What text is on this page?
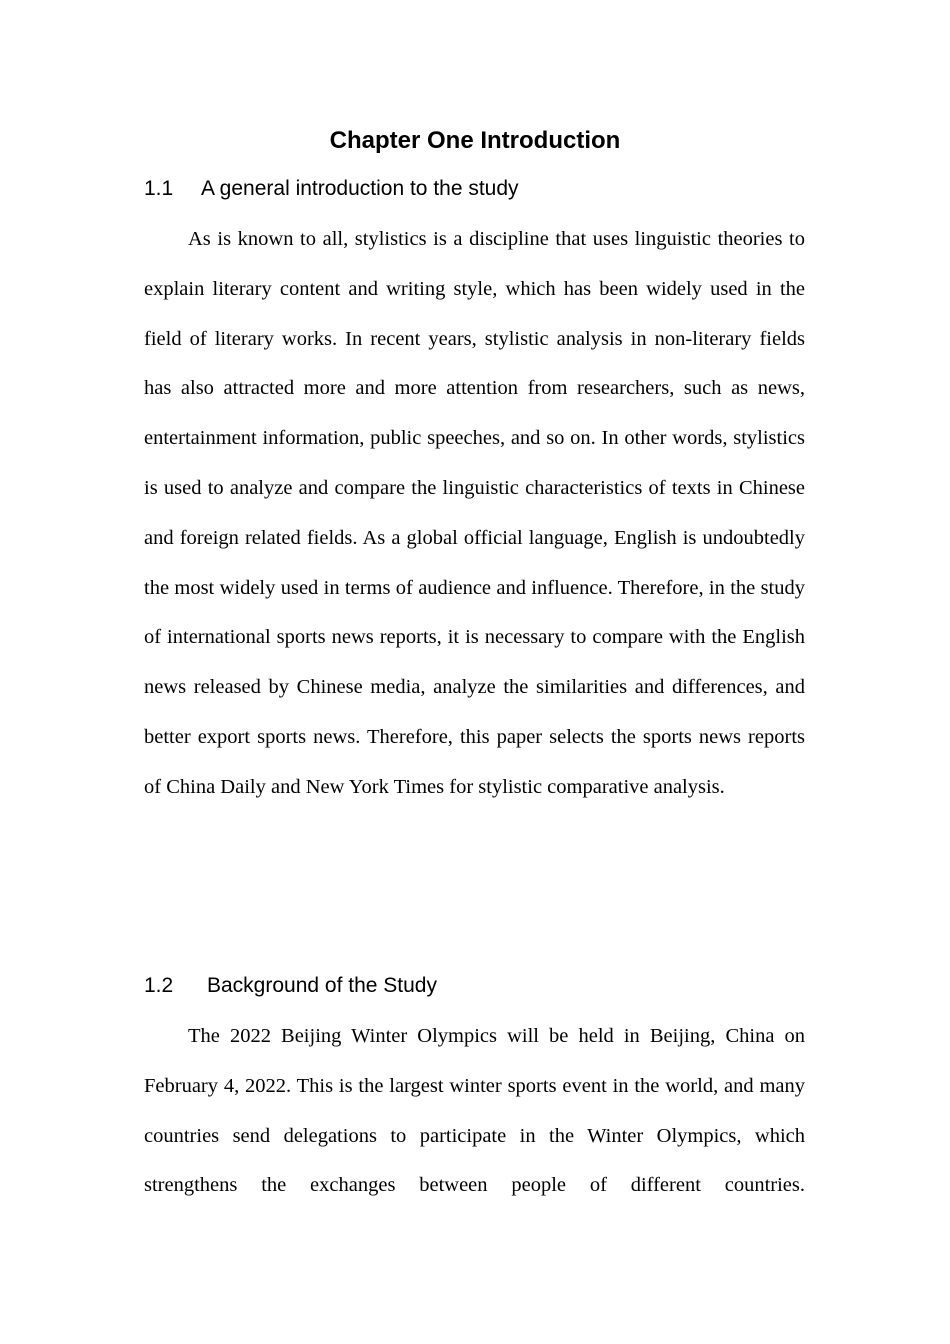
Chapter One Introduction
1.1 A general introduction to the study

As is known to all, stylistics is a discipline that uses linguistic theories to explain literary content and writing style, which has been widely used in the field of literary works. In recent years, stylistic analysis in non-literary fields has also attracted more and more attention from researchers, such as news, entertainment information, public speeches, and so on. In other words, stylistics is used to analyze and compare the linguistic characteristics of texts in Chinese and foreign related fields. As a global official language, English is undoubtedly the most widely used in terms of audience and influence. Therefore, in the study of international sports news reports, it is necessary to compare with the English news released by Chinese media, analyze the similarities and differences, and better export sports news. Therefore, this paper selects the sports news reports of China Daily and New York Times for stylistic comparative analysis.

1.2 Background of the Study

The 2022 Beijing Winter Olympics will be held in Beijing, China on February 4, 2022. This is the largest winter sports event in the world, and many countries send delegations to participate in the Winter Olympics, which strengthens the exchanges between people of different countries.
